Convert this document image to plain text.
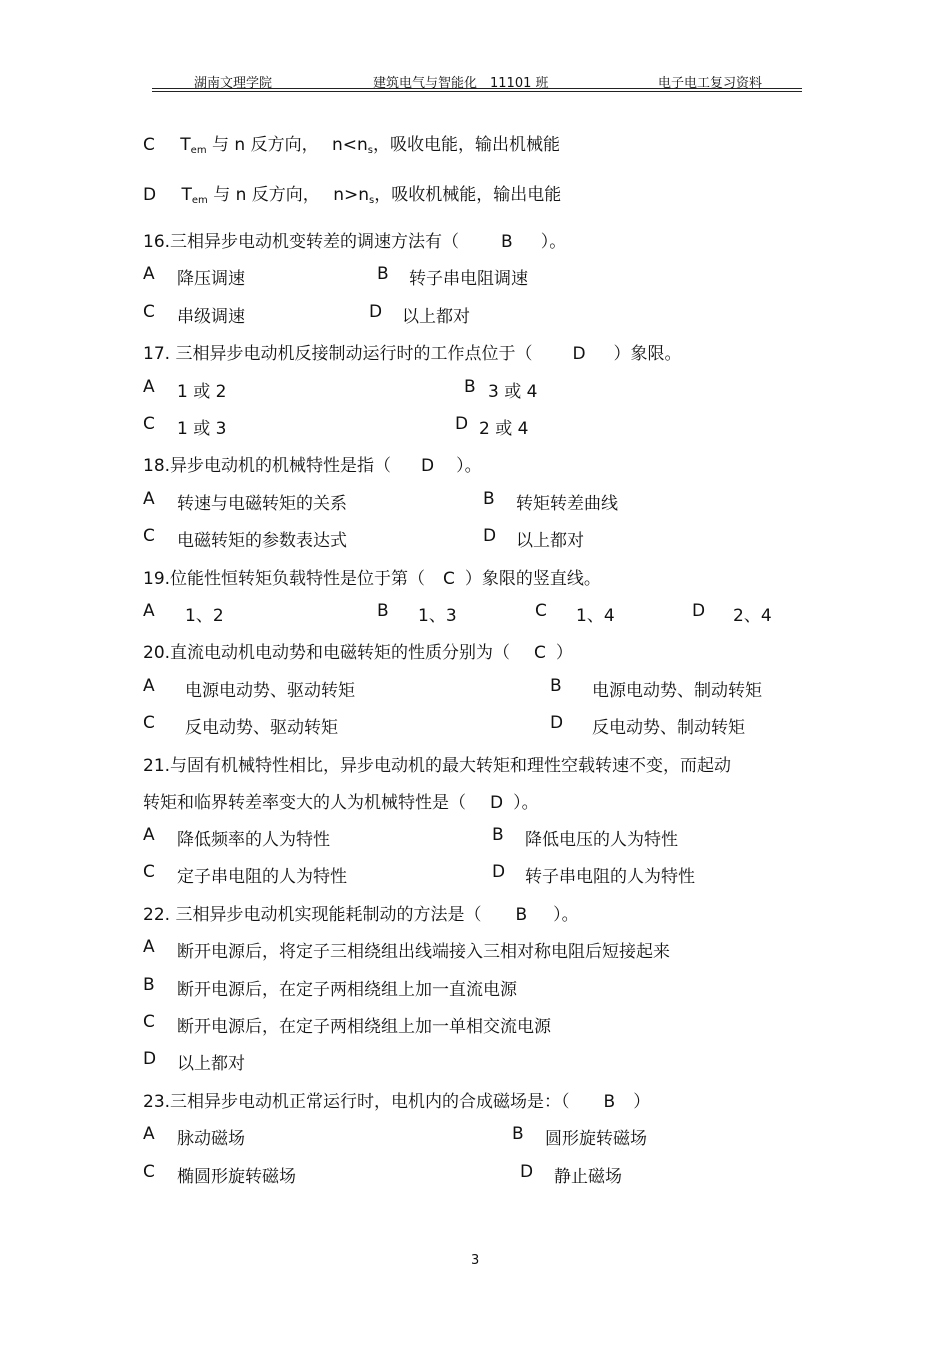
湖南文理学院	建筑电气与智能化　11101 班	电子电工复习资料
C $T_{em}$ 与 n 反方向， $n<n_s$，吸收电能，输出机械能
D $T_{em}$ 与 n 反方向， $n>n_s$，吸收机械能，输出电能
16.三相异步电动机变转差的调速方法有（ B ）。
A 降压调速	B 转子串电阻调速
C 串级调速	D 以上都对
17. 三相异步电动机反接制动运行时的工作点位于（ D ）象限。
A 1 或 2	B 3 或 4
C 1 或 3	D 2 或 4
18.异步电动机的机械特性是指（ D ）。
A 转速与电磁转矩的关系	B 转矩转差曲线
C 电磁转矩的参数表达式	D 以上都对
19.位能性恒转矩负载特性是位于第（ C ）象限的竖直线。
A 1、2	B 1、3	C 1、4	D 2、4
20.直流电动机电动势和电磁转矩的性质分别为（ C ）
A 电源电动势、驱动转矩	B 电源电动势、制动转矩
C 反电动势、驱动转矩	D 反电动势、制动转矩
21.与固有机械特性相比，异步电动机的最大转矩和理性空载转速不变，而起动
转矩和临界转差率变大的人为机械特性是（ D ）。
A 降低频率的人为特性	B 降低电压的人为特性
C 定子串电阻的人为特性	D 转子串电阻的人为特性
22. 三相异步电动机实现能耗制动的方法是（ B ）。
A 断开电源后，将定子三相绕组出线端接入三相对称电阻后短接起来
B 断开电源后，在定子两相绕组上加一直流电源
C 断开电源后，在定子两相绕组上加一单相交流电源
D 以上都对
23.三相异步电动机正常运行时，电机内的合成磁场是：（ B ）
A 脉动磁场	B 圆形旋转磁场
C 椭圆形旋转磁场	D 静止磁场
3
